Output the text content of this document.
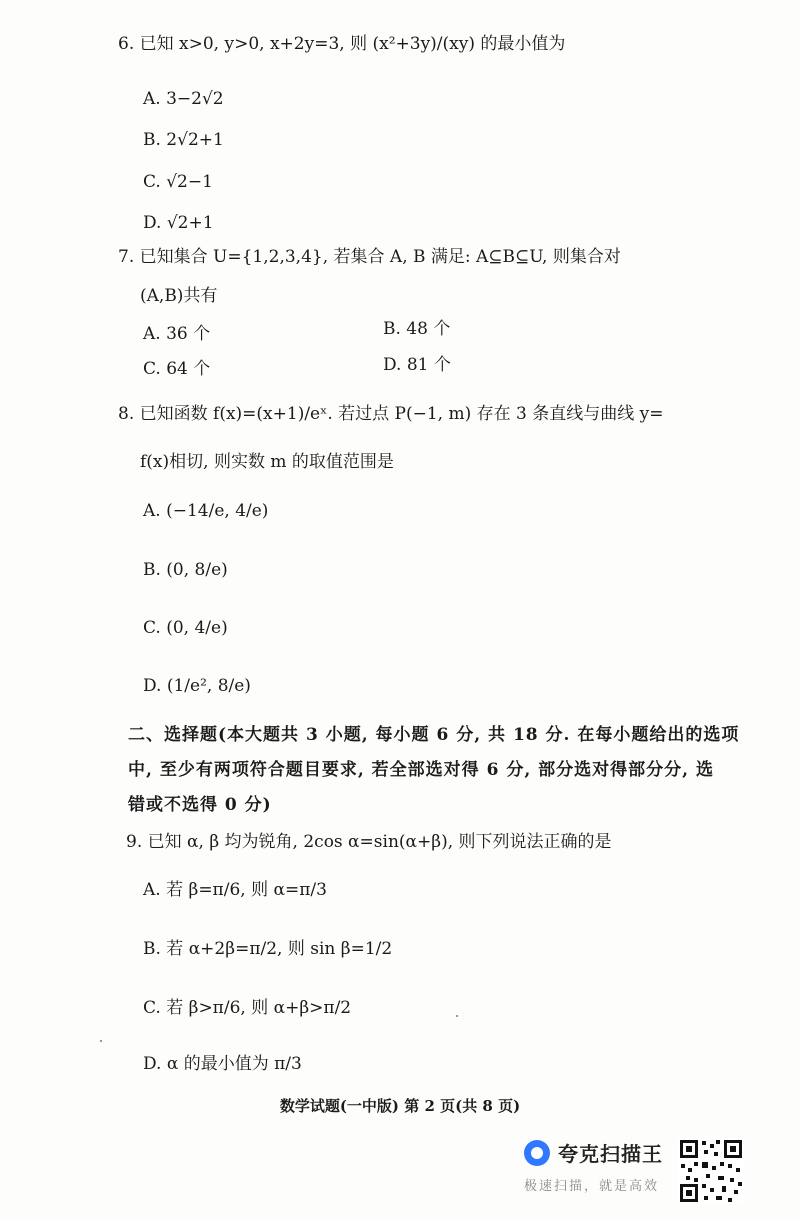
6. 已知 x>0, y>0, x+2y=3, 则 (x²+3y)/(xy) 的最小值为
A. 3−2√2
B. 2√2+1
C. √2−1
D. √2+1
7. 已知集合 U={1,2,3,4}, 若集合 A, B 满足: A⊆B⊆U, 则集合对
(A,B)共有
A. 36 个	B. 48 个
C. 64 个	D. 81 个
8. 已知函数 f(x)=(x+1)/eˣ. 若过点 P(−1, m) 存在 3 条直线与曲线 y=
f(x)相切, 则实数 m 的取值范围是
A. (−14/e, 4/e)
B. (0, 8/e)
C. (0, 4/e)
D. (1/e², 8/e)
二、选择题(本大题共 3 小题, 每小题 6 分, 共 18 分. 在每小题给出的选项
中, 至少有两项符合题目要求, 若全部选对得 6 分, 部分选对得部分分, 选
错或不选得 0 分)
9. 已知 α, β 均为锐角, 2cos α=sin(α+β), 则下列说法正确的是
A. 若 β=π/6, 则 α=π/3
B. 若 α+2β=π/2, 则 sin β=1/2
C. 若 β>π/6, 则 α+β>π/2
D. α 的最小值为 π/3
数学试题(一中版) 第 2 页(共 8 页)
夸克扫描王
极速扫描，就是高效
